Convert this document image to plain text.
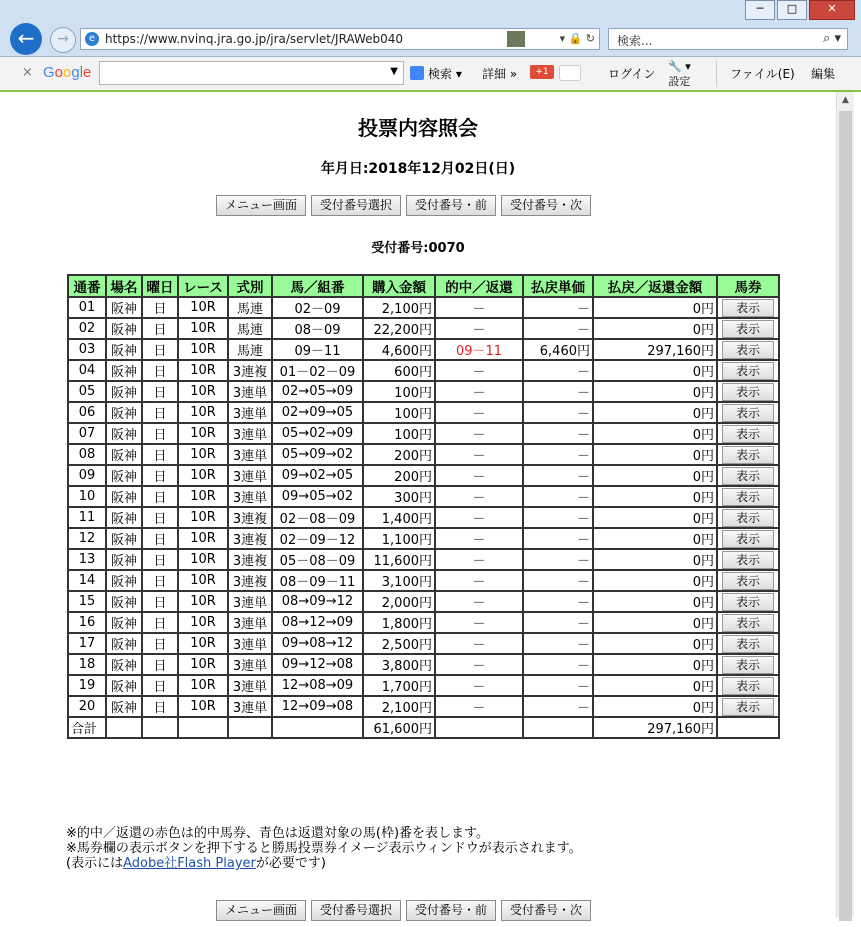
─	□	✕
←	→	e https://www.nvinq.jra.go.jp/jra/servlet/JRAWeb040	▾ 🔒 ↻ 検索...	⌕ ▾
× Google	▼	検索 ▾ 詳細 »	+1	ログイン
🔧 ▾
設定
ファイル(E) 編集
▲
投票内容照会
年月日:2018年12月02日(日)
メニュー画面	受付番号選択	受付番号・前	受付番号・次
受付番号:0070
通番	場名	曜日	レース	式別	馬／組番	購入金額	的中／返還	払戻単価	払戻／返還金額	馬券
01	阪神	日	10R	馬連	02－09	2,100円	－	－	0円	表示
02	阪神	日	10R	馬連	08－09	22,200円	－	－	0円	表示
03	阪神	日	10R	馬連	09－11	4,600円	09－11	6,460円	297,160円	表示
04	阪神	日	10R	3連複	01－02－09	600円	－	－	0円	表示
05	阪神	日	10R	3連単	02→05→09	100円	－	－	0円	表示
06	阪神	日	10R	3連単	02→09→05	100円	－	－	0円	表示
07	阪神	日	10R	3連単	05→02→09	100円	－	－	0円	表示
08	阪神	日	10R	3連単	05→09→02	200円	－	－	0円	表示
09	阪神	日	10R	3連単	09→02→05	200円	－	－	0円	表示
10	阪神	日	10R	3連単	09→05→02	300円	－	－	0円	表示
11	阪神	日	10R	3連複	02－08－09	1,400円	－	－	0円	表示
12	阪神	日	10R	3連複	02－09－12	1,100円	－	－	0円	表示
13	阪神	日	10R	3連複	05－08－09	11,600円	－	－	0円	表示
14	阪神	日	10R	3連複	08－09－11	3,100円	－	－	0円	表示
15	阪神	日	10R	3連単	08→09→12	2,000円	－	－	0円	表示
16	阪神	日	10R	3連単	08→12→09	1,800円	－	－	0円	表示
17	阪神	日	10R	3連単	09→08→12	2,500円	－	－	0円	表示
18	阪神	日	10R	3連単	09→12→08	3,800円	－	－	0円	表示
19	阪神	日	10R	3連単	12→08→09	1,700円	－	－	0円	表示
20	阪神	日	10R	3連単	12→09→08	2,100円	－	－	0円	表示
合計						61,600円			297,160円	
※的中／返還の赤色は的中馬券、青色は返還対象の馬(枠)番を表します。
※馬券欄の表示ボタンを押下すると勝馬投票券イメージ表示ウィンドウが表示されます。
(表示にはAdobe社Flash Playerが必要です)
メニュー画面	受付番号選択	受付番号・前	受付番号・次
